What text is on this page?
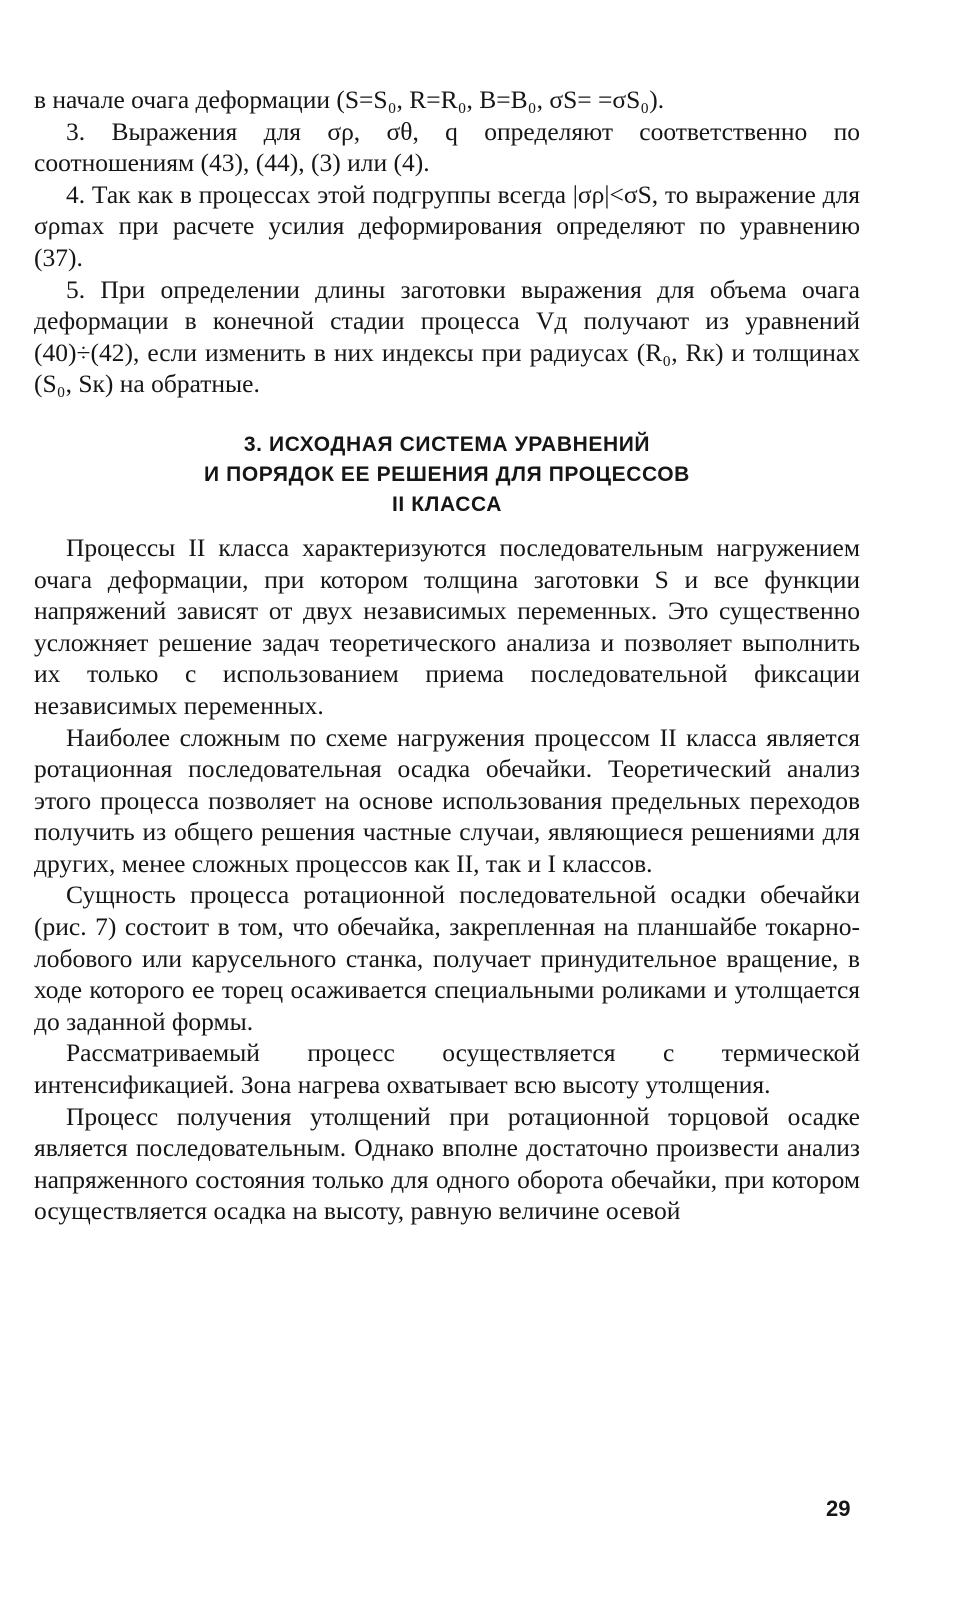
в начале очага деформации (S=S₀, R=R₀, B=B₀, σS= =σS₀).

3. Выражения для σρ, σθ, q определяют соответственно по соотношениям (43), (44), (3) или (4).

4. Так как в процессах этой подгруппы всегда |σρ|<σS, то выражение для σρmax при расчете усилия деформирования определяют по уравнению (37).

5. При определении длины заготовки выражения для объема очага деформации в конечной стадии процесса Vд получают из уравнений (40)÷(42), если изменить в них индексы при радиусах (R₀, Rк) и толщинах (S₀, Sк) на обратные.

3. ИСХОДНАЯ СИСТЕМА УРАВНЕНИЙ
И ПОРЯДОК ЕЕ РЕШЕНИЯ ДЛЯ ПРОЦЕССОВ
II КЛАССА

Процессы II класса характеризуются последовательным нагружением очага деформации, при котором толщина заготовки S и все функции напряжений зависят от двух независимых переменных. Это существенно усложняет решение задач теоретического анализа и позволяет выполнить их только с использованием приема последовательной фиксации независимых переменных.

Наиболее сложным по схеме нагружения процессом II класса является ротационная последовательная осадка обечайки. Теоретический анализ этого процесса позволяет на основе использования предельных переходов получить из общего решения частные случаи, являющиеся решениями для других, менее сложных процессов как II, так и I классов.

Сущность процесса ротационной последовательной осадки обечайки (рис. 7) состоит в том, что обечайка, закрепленная на планшайбе токарно-лобового или карусельного станка, получает принудительное вращение, в ходе которого ее торец осаживается специальными роликами и утолщается до заданной формы.

Рассматриваемый процесс осуществляется с термической интенсификацией. Зона нагрева охватывает всю высоту утолщения.

Процесс получения утолщений при ротационной торцовой осадке является последовательным. Однако вполне достаточно произвести анализ напряженного состояния только для одного оборота обечайки, при котором осуществляется осадка на высоту, равную величине осевой

29
